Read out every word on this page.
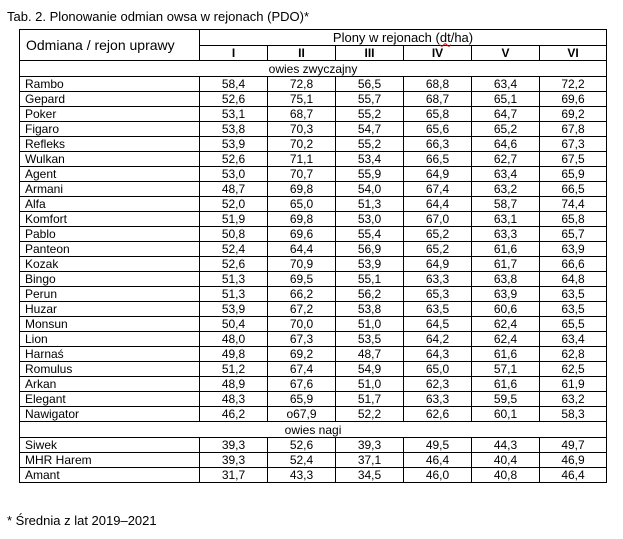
Tab. 2. Plonowanie odmian owsa w rejonach (PDO)*
Odmiana / rejon uprawy	Plony w rejonach (dt/ha)					
	I	II	III	IV	V	VI
owies zwyczajny						
Rambo	58,4	72,8	56,5	68,8	63,4	72,2
Gepard	52,6	75,1	55,7	68,7	65,1	69,6
Poker	53,1	68,7	55,2	65,8	64,7	69,2
Figaro	53,8	70,3	54,7	65,6	65,2	67,8
Refleks	53,9	70,2	55,2	66,3	64,6	67,3
Wulkan	52,6	71,1	53,4	66,5	62,7	67,5
Agent	53,0	70,7	55,9	64,9	63,4	65,9
Armani	48,7	69,8	54,0	67,4	63,2	66,5
Alfa	52,0	65,0	51,3	64,4	58,7	74,4
Komfort	51,9	69,8	53,0	67,0	63,1	65,8
Pablo	50,8	69,6	55,4	65,2	63,3	65,7
Panteon	52,4	64,4	56,9	65,2	61,6	63,9
Kozak	52,6	70,9	53,9	64,9	61,7	66,6
Bingo	51,3	69,5	55,1	63,3	63,8	64,8
Perun	51,3	66,2	56,2	65,3	63,9	63,5
Huzar	53,9	67,2	53,8	63,5	60,6	63,5
Monsun	50,4	70,0	51,0	64,5	62,4	65,5
Lion	48,0	67,3	53,5	64,2	62,4	63,4
Harnaś	49,8	69,2	48,7	64,3	61,6	62,8
Romulus	51,2	67,4	54,9	65,0	57,1	62,5
Arkan	48,9	67,6	51,0	62,3	61,6	61,9
Elegant	48,3	65,9	51,7	63,3	59,5	63,2
Nawigator	46,2	o67,9	52,2	62,6	60,1	58,3
owies nagi						
Siwek	39,3	52,6	39,3	49,5	44,3	49,7
MHR Harem	39,3	52,4	37,1	46,4	40,4	46,9
Amant	31,7	43,3	34,5	46,0	40,8	46,4
* Średnia z lat 2019–2021
